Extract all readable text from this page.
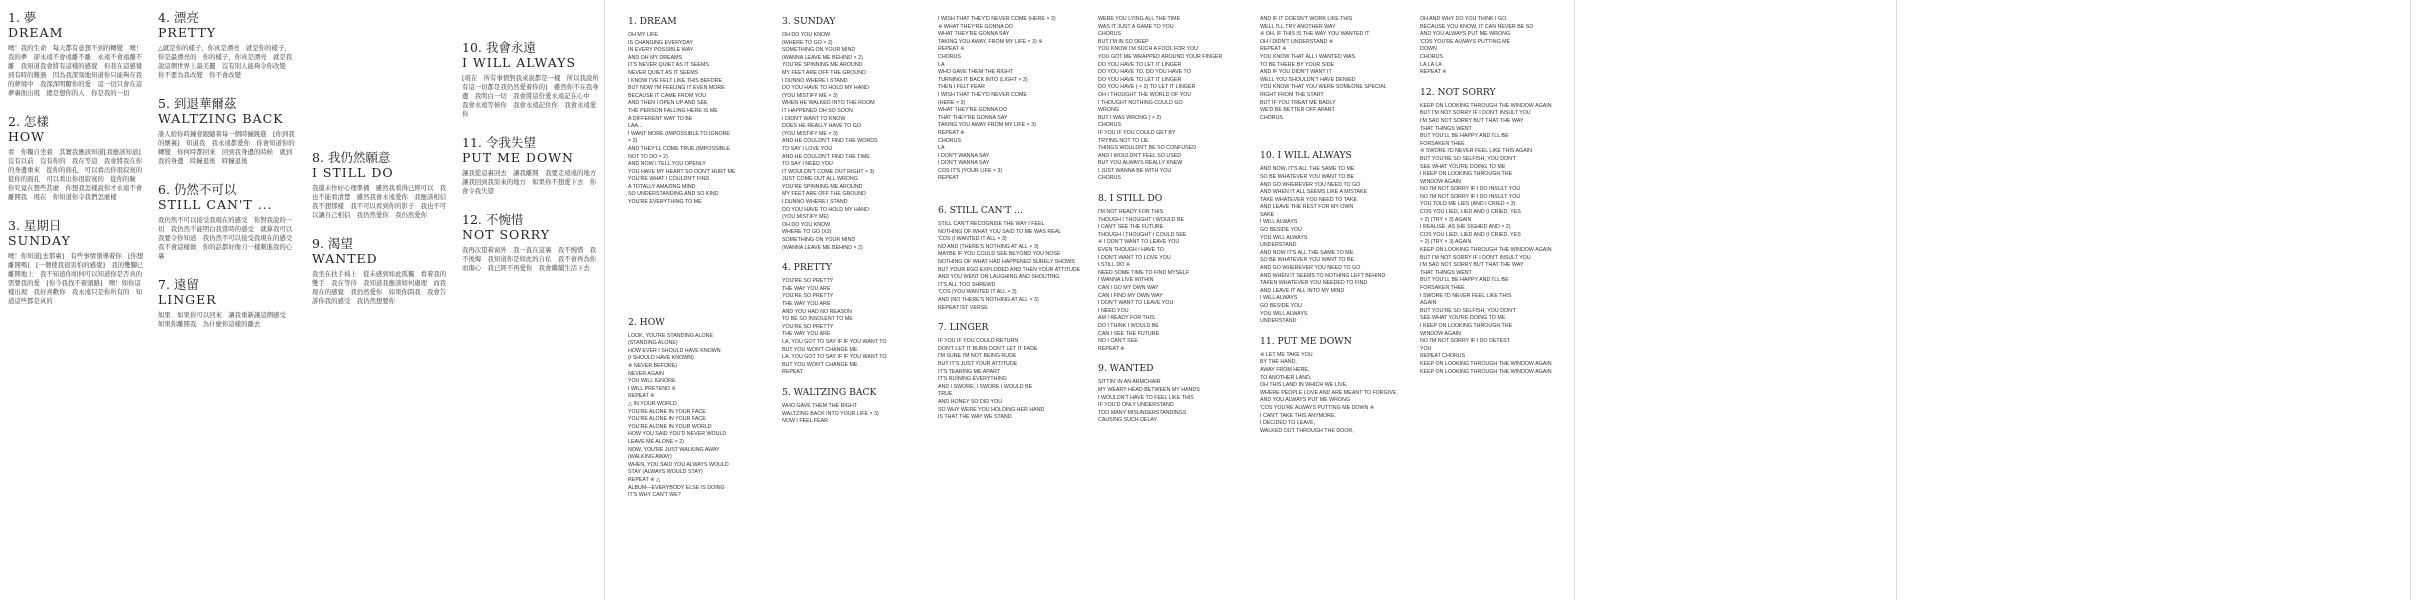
1. 夢
DREAM
噢！我的生命　每天都有意想不到的轉變　噢！我的夢　卻永遠不會遠離不離　永遠不會遠離不離　我知道我會將有這樣的感覺　但我在這感覺到有時的難過　因為我深刻地知道你只能夠在我的夢境中　我深深明瞭你的愛　這一切只會在這夢裏面出現　總是想你的人　你是我的一切
2. 怎樣
HOW
看　你獨自坐着　其實我應該知道[我應該知道]　沒有以前　沒有你的　我在等這　我會將我在你的身邊重來　從你的面孔　可以看出你很寂寞的　從你的面孔　可以看出你很寂寞的　從你的臉　你究竟在想些甚麼　你想我怎樣說你才永遠不會離開我　現在　你知道你令我們怎麼樣
3. 星期日
SUNDAY
噢！你知道[去那裏]　有些事情領導着你　[你想離開嗎]　[一個使我很害怕的感覺]　我的雙腳已離開地上　我不知道你如何可以知道你是否真的需要我的愛　[你今我找不着頭路]　噢！如你這樣出現　我好喜歡你　我永遠只是你所有的　知道這些都是真的
4. 漂亮
PRETTY
△就是你的樣子，你真是漂亮　就是你的樣子，你是最漂亮的　你的樣子，你真是漂亮　就是我說這個世界上最美麗　沒有別人能夠令你改變　你不要為我改變　你不會改變
5. 到退華爾茲
WALTZING BACK
誰人給你時鐘會跟隨着每一個時鐘跳進　[你到我的懷裏]　知道我　我永遠都愛你　你會知道你的轉變　你何時都回來　回到我身邊的時候　就到我的身邊　時鐘退後　時鐘退後
6. 仍然不可以
STILL CAN'T ...
我仍然不可以接受我現在的感受　你對我說的一切　我仍然不能明白我當時的感受　就算我可以　我要令你知道　我仍然不可以接受我現在的感受　我不會這樣做　你的話都好像刀一樣刺進我的心裏
7. 遠留
LINGER
如果　如果你可以回來　讓我重新讓這個感受　如果你離開我　為什麼你這樣的離去
8. 我仍然願意
I STILL DO
我還未作好心理準備　雖然我看得已經可以　我也不能看清楚　雖然我會永遠愛你　我應該相信　我不想那樣　我不可以看到你的影子　我也不可以讓自己相信　我仍然愛你　我仍然愛你
9. 渴望
WANTED
我坐在扶手椅上　從未感到如此孤獨　看着我的雙手　我在等待　我知道我應該如何處理　而我現在的感覺　我仍然愛你　如果你問我　我會告訴你我的感受　我仍然想要你
10. 我會永遠
I WILL ALWAYS
[現在　所有事情對我來說都是一樣　所以我說所有這一切都是我仍然愛着你的]　雖然你不在我身邊　我明白一切　我會將這份愛永遠記在心中　我會永遠等候你　我會永遠記住你　我會永遠愛你
11. 令我失望
PUT ME DOWN
讓我從這裏回去　讓我離開　我要走遠遠的地方　讓我回到我原來的地方　如果你不想愛下去　你會令我失望
12. 不惋惜
NOT SORRY
我再次望着窗外　我一直在這裏　我不惋惜　我不後悔　我知道你是如此的自私　我不會再為你而傷心　我已經不再愛你　我會繼續生活下去
1. DREAM
OH MY LIFE
IS CHANGING EVERYDAY
IN EVERY POSSIBLE WAY
AND OH MY DREAMS
IT'S NEVER QUIET AS IT SEEMS
NEVER QUIET AS IT SEEMS
I KNOW I'VE FELT LIKE THIS BEFORE
BUT NOW I'M FEELING IT EVEN MORE
BECAUSE IT CAME FROM YOU
AND THEN I OPEN UP AND SEE
THE PERSON FALLING HERE IS ME
A DIFFERENT WAY TO BE
LAA...
I WANT MORE (IMPOSSIBLE TO IGNORE
× 2)
AND THEY'LL COME TRUE (IMPOSSIBLE
NOT TO DO × 2)
AND NOW I TELL YOU OPENLY
YOU HAVE MY HEART SO DON'T HURT ME
YOU'RE WHAT I COULDN'T FIND
A TOTALLY AMAZING MIND
SO UNDERSTANDING AND SO KIND
YOU'RE EVERYTHING TO ME
2. HOW
LOOK, YOU'RE STANDING ALONE
(STANDING ALONE)
HOW EVER I SHOULD HAVE KNOWN
(I SHOULD HAVE KNOWN)
※ NEVER BEFORE)
NEVER AGAIN
YOU WILL IGNORE
I WILL PRETEND ※
REPEAT ※
△ IN YOUR WORLD
YOU'RE ALONE IN YOUR FACE
YOU'RE ALONE IN YOUR FACE
YOU'RE ALONE IN YOUR WORLD
HOW YOU SAID YOU'D NEVER WOULD
LEAVE ME ALONE × 2)
NOW, YOU'RE JUST WALKING AWAY
(WALKING AWAY)
WHEN, YOU SAID YOU ALWAYS WOULD
STAY (ALWAYS WOULD STAY)
REPEAT ※ △
ALBUM—EVERYBODY ELSE IS DOING
IT'S WHY CAN'T WE?
3. SUNDAY
OH DO YOU KNOW
(WHERE TO GO × 2)
SOMETHING ON YOUR MIND
(WANNA LEAVE ME BEHIND × 2)
YOU'RE SPINNING ME AROUND
MY FEET ARE OFF THE GROUND
I DUNNO WHERE I STAND
DO YOU HAVE TO HOLD MY HAND
(YOU MISTIFY ME × 3)
WHEN HE WALKED INTO THE ROOM
IT HAPPENED OH SO SOON
I DIDN'T WANT TO KNOW
DOES HE REALLY HAVE TO GO
(YOU MISTIFY ME × 3)
AND HE COULDN'T FIND THE WORDS
TO SAY I LOVE YOU
AND HE COULDN'T FIND THE TIME
TO SAY I NEED YOU
IT WOULDN'T COME OUT RIGHT × 3)
JUST COME OUT ALL WRONG
YOU'RE SPINNING ME AROUND
MY FEET ARE OFF THE GROUND
I DUNNO WHERE I STAND
DO YOU HAVE TO HOLD MY HAND
(YOU MISTIFY ME)
OH DO YOU KNOW
WHERE TO GO (X2)
SOMETHING ON YOUR MIND
(WANNA LEAVE ME BEHIND × 2)
4. PRETTY
YOU'RE SO PRETTY
THE WAY YOU ARE
YOU'RE SO PRETTY
THE WAY YOU ARE
AND YOU HAD NO REASON
TO BE SO INSOLENT TO ME
YOU'RE SO PRETTY
THE WAY YOU ARE
LA, YOU GOT TO SAY IF IF YOU WANT TO
BUT YOU WON'T CHANGE ME
LA, YOU GOT TO SAY IF IF YOU WANT TO
BUT YOU WON'T CHANGE ME
REPEAT
5. WALTZING BACK
WHO GAVE THEM THE RIGHT
WALTZING BACK INTO YOUR LIFE × 3)
NOW I FEEL FEAR
I WISH THAT THEY'D NEVER COME (HERE × 3)
※ WHAT THEY'RE GONNA DO
WHAT THEY'RE GONNA SAY
TAKING YOU AWAY, FROM MY LIFE × 3) ※
REPEAT ※
CHORUS
LA
WHO GAVE THEM THE RIGHT
TURNING IT BACK INTO (LIGHT × 3)
THEN I FELT FEAR
I WISH THAT THEY'D NEVER COME
(HERE × 3)
WHAT THEY'RE GONNA DO
THAT THEY'RE GONNA SAY
TAKING YOU AWAY FROM MY LIFE × 3)
REPEAT ※
CHORUS
LA
I DON'T WANNA SAY
I DON'T WANNA SAY
COS IT'S (YOUR LIFE × 3)
REPEAT
6. STILL CAN'T ...
STILL CAN'T RECOGNISE THE WAY I FEEL
NOTHING OF WHAT YOU SAID TO ME WAS REAL
'COS (I WANTED IT ALL × 3)
NO AND (THERE'S NOTHING AT ALL × 3)
MAYBE IF YOU COULD SEE BEYOND YOU NOSE
NOTHING OF WHAT HAD HAPPENED SURELY SHOWS
BUT YOUR EGO EXPLODED AND THEN YOUR ATTITUDE
AND YOU WENT ON LAUGHING AND SHOUTING
IT'S ALL TOO SHREWD
'COS (YOU WANTED IT ALL × 3)
AND (NO THERE'S NOTHING AT ALL × 3)
REPEAT IST VERSE
7. LINGER
IF YOU IF YOU COULD RETURN
DON'T LET IT BURN DON'T LET IT FADE
I'M SURE I'M NOT BEING RUDE
BUT IT'S JUST YOUR ATTITUDE
IT'S TEARING ME APART
IT'S RUINING EVERYTHING
AND I SWORE, I SWORE I WOULD BE
TRUE
AND HONEY SO DID YOU
SO WHY WERE YOU HOLDING HER HAND
IS THAT THE WAY WE STAND
WERE YOU LYING ALL THE TIME
WAS IT JUST A GAME TO YOU
CHORUS
BUT I'M IN SO DEEP
YOU KNOW I'M SUCH A FOOL FOR YOU
YOU GOT ME WRAPPED AROUND YOUR FINGER
DO YOU HAVE TO LET IT LINGER
DO YOU HAVE TO, DO YOU HAVE TO
DO YOU HAVE TO LET IT LINGER
DO YOU HAVE ( × 2) TO LET IT LINGER
OH I THOUGHT THE WORLD OF YOU
I THOUGHT NOTHING COULD GO
WRONG
BUT I WAS WRONG ( × 2)
CHORUS
IF YOU IF YOU COULD GET BY
TRYING NOT TO LIE
THINGS WOULDN'T BE SO CONFUSED
AND I WOULDN'T FEEL SO USED
BUT YOU ALWAYS REALLY KNEW
I JUST WANNA BE WITH YOU
CHORUS
8. I STILL DO
I'M NOT READY FOR THIS
THOUGH I THOUGHT I WOULD BE
I CAN'T SEE THE FUTURE
THOUGH I THOUGHT I COULD SEE
※ I DON'T WANT TO LEAVE YOU
EVEN THOUGH I HAVE TO
I DON'T WANT TO LOVE YOU
I STILL DO ※
NEED SOME TIME TO FIND MYSELF
I WANNA LIVE WITHIN
CAN I GO MY OWN WAY
CAN I FIND MY OWN WAY
I DON'T WANT TO LEAVE YOU
I NEED YOU
AM I READY FOR THIS
DO I THINK I WOULD BE
CAN I SEE THE FUTURE
NO I CAN'T SEE
REPEAT ※
9. WANTED
SITTIN' IN AN ARMCHAIR
MY WEARY HEAD BETWEEN MY HANDS
I WOULDN'T HAVE TO FEEL LIKE THIS
IF YOU'D ONLY UNDERSTAND
TOO MANY MISUNDERSTANDINGS
CAUSING SUCH DELAY
AND IF IT DOESN'T WORK LIKE THIS
WELL I'LL TRY ANOTHER WAY
※ OH, IF THIS IS THE WAY YOU WANTED IT
OH I DIDN'T UNDERSTAND ※
REPEAT ※
YOU KNOW THAT ALL I WANTED WAS
TO BE THERE BY YOUR SIDE
AND IF YOU DIDN'T WANT IT
WELL YOU SHOULDN'T HAVE DENIED
YOU KNOW THAT YOU WERE SOMEONE SPECIAL
RIGHT FROM THE START
BUT IF YOU TREAT ME BADLY
WE'D BE BETTER OFF APART.
CHORUS
10. I WILL ALWAYS
AND NOW, IT'S ALL THE SAME TO ME
SO BE WHATEVER YOU WANT TO BE
AND GO WHEREVER YOU NEED TO GO
AND WHEN IT ALL SEEMS LIKE A MISTAKE
TAKE WHATEVER YOU NEED TO TAKE
AND LEAVE THE REST FOR MY OWN
SAKE
I WILL ALWAYS
GO BESIDE YOU
YOU WILL ALWAYS
UNDERSTAND
AND NOW IT'S ALL THE SAME TO ME
SO BE WHATEVER YOU WANT TO BE
AND GO WHEREVER YOU NEED TO GO
AND WHEN IT SEEMS TO NOTHING LEFT BEHIND
TAKEN WHATEVER YOU NEEDED TO FIND
AND LEAVE IT ALL INTO MY MIND
I WILL ALWAYS
GO BESIDE YOU
YOU WILL ALWAYS
UNDERSTAND
11. PUT ME DOWN
※ LET ME TAKE YOU
BY THE HAND,
AWAY FROM HERE,
TO ANOTHER LAND,
OH THIS LAND IN WHICH WE LIVE,
WHERE PEOPLE LOVE AND ARE MEANT TO FORGIVE,
AND YOU ALWAYS PUT ME WRONG
'COS YOU'RE ALWAYS PUTTING ME DOWN ※
I CAN'T TAKE THIS ANYMORE,
I DECIDED TO LEAVE,
WALKED OUT THROUGH THE DOOR,
OH AND WHY DO YOU THINK I GO
BECAUSE YOU KNOW, IT CAN NEVER BE SO
AND YOU ALWAYS PUT ME WRONG
'COS YOU'RE ALWAYS PUTTING ME
DOWN
CHORUS
LA LA LA
REPEAT ※
12. NOT SORRY
KEEP ON LOOKING THROUGH THE WINDOW AGAIN
BUT I'M NOT SORRY IF I DON'T INSULT YOU
I'M SAD NOT SORRY BUT THAT THE WAY
THAT THINGS WENT
BUT YOU'LL BE HAPPY AND I'LL BE
FORSAKEN THEE
※ SWORE I'D NEVER FEEL LIKE THIS AGAIN
BUT YOU'RE SO SELFISH, YOU DON'T
SEE WHAT YOU'RE DOING TO ME
I KEEP ON LOOKING THROUGH THE
WINDOW AGAIN
NO I'M NOT SORRY IF I DO INSULT YOU
NO I'M NOT SORRY IF I DO INSULT YOU
YOU TOLD ME LIES (AND I CRIED × 3)
COS YOU LIED, LIED AND (I CRIED, YES
× 2) (TRY × 3) AGAIN
I REALISE, AS (HE SIGHED AND × 2)
COS YOU LIED, LIED AND (I CRIED, YES
× 2) (TRY × 3) AGAIN
KEEP ON LOOKING THROUGH THE WINDOW AGAIN
BUT I'M NOT SORRY IF I DON'T INSULT YOU
I'M SAD NOT SORRY BUT THAT THE WAY
THAT THINGS WENT
BUT YOU'LL BE HAPPY AND I'LL BE
FORSAKEN THEE
I SWORE I'D NEVER FEEL LIKE THIS
AGAIN
BUT YOU'RE SO SELFISH, YOU DON'T
SEE WHAT YOU'RE DOING TO ME
I KEEP ON LOOKING THROUGH THE
WINDOW AGAIN
NO I'M NOT SORRY IF I DO DETEST
YOU
REPEAT CHORUS
KEEP ON LOOKING THROUGH THE WINDOW AGAIN
KEEP ON LOOKING THROUGH THE WINDOW AGAIN
